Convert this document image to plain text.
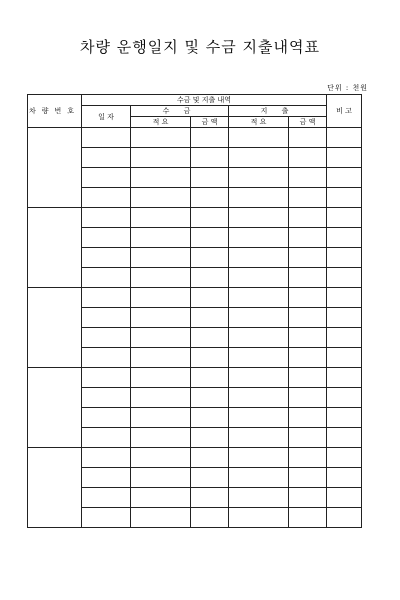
차량 운행일지 및 수금 지출내역표
단위 : 천원
차량번호	수금 및 지출 내역					비 고
	일 자	수 금		지 출		
		적 요	금 액	적 요	금 액	
